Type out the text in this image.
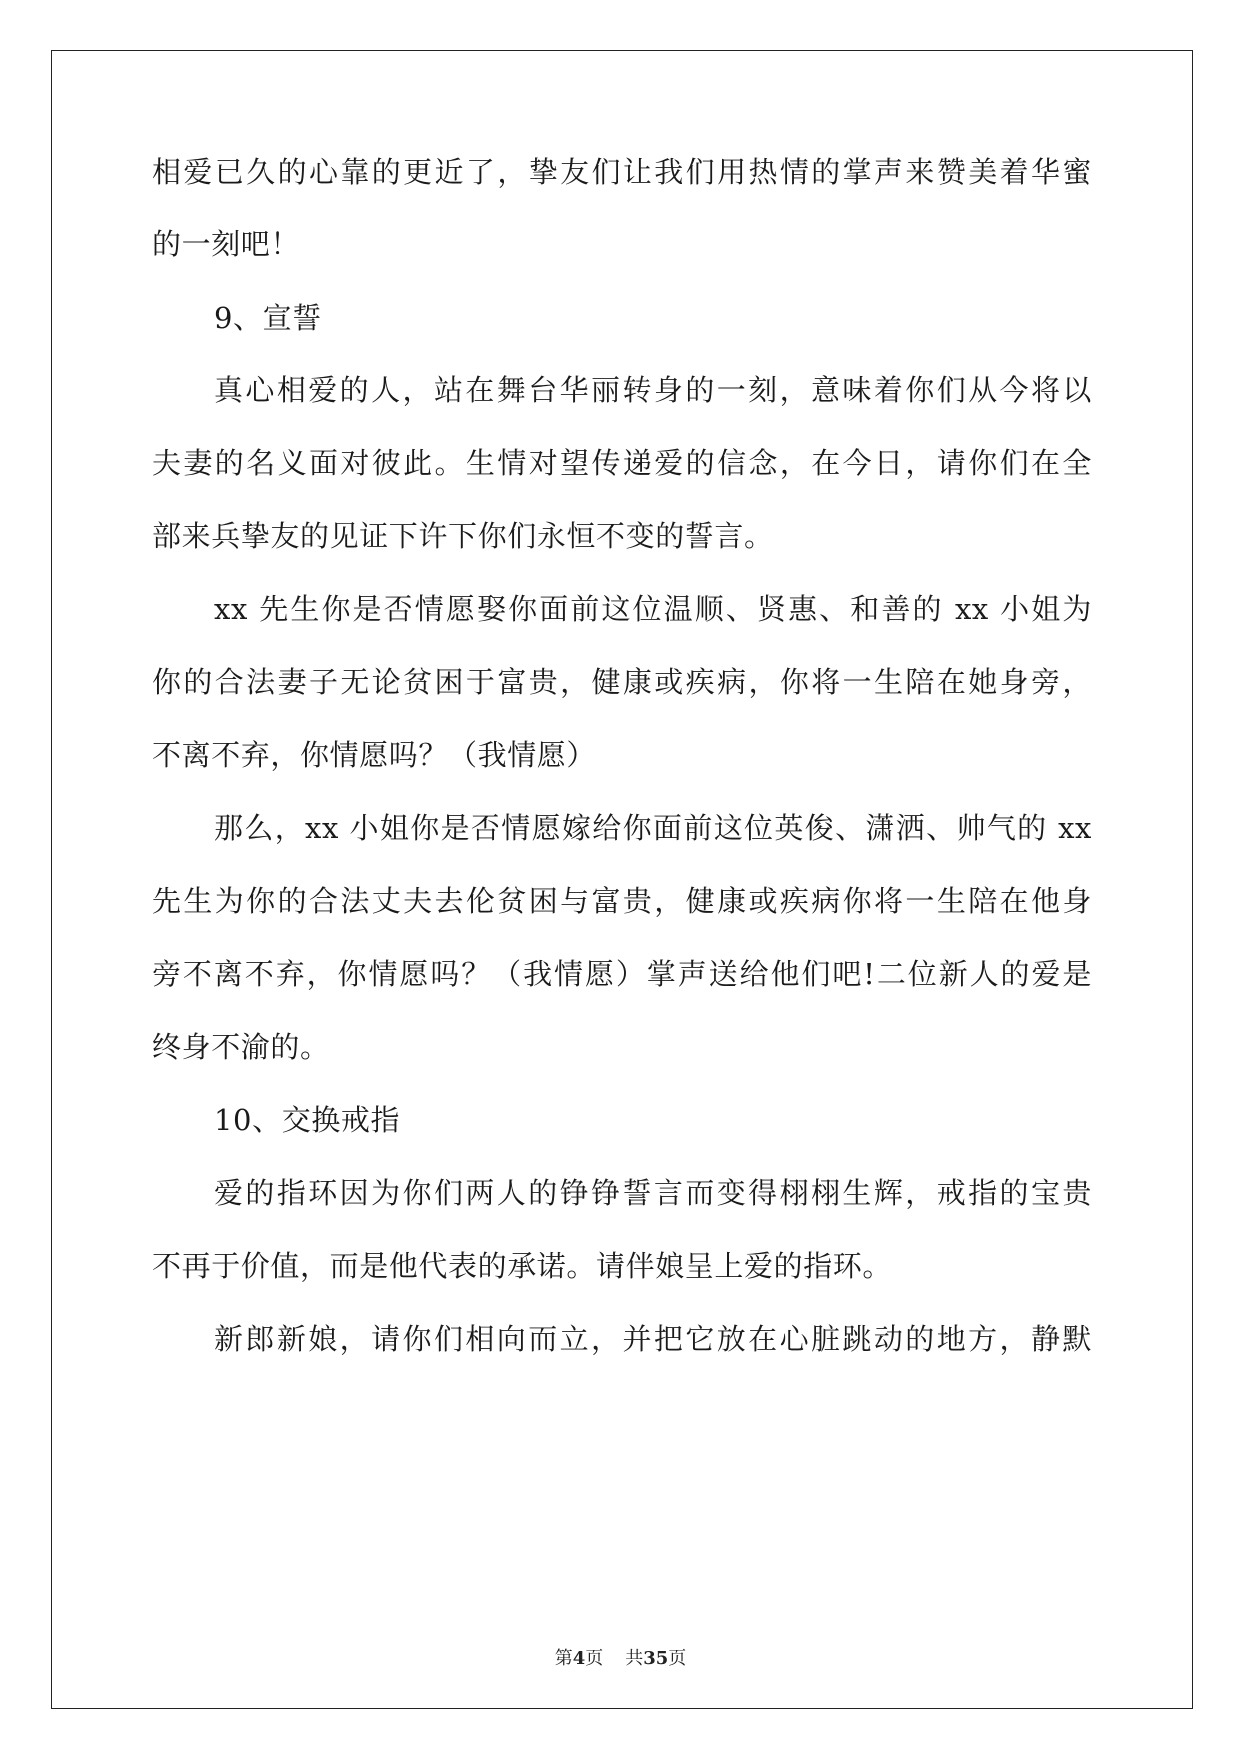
相爱已久的心靠的更近了，挚友们让我们用热情的掌声来赞美着华蜜
的一刻吧！
9、宣誓
真心相爱的人，站在舞台华丽转身的一刻，意味着你们从今将以
夫妻的名义面对彼此。生情对望传递爱的信念，在今日，请你们在全
部来兵挚友的见证下许下你们永恒不变的誓言。
xx 先生你是否情愿娶你面前这位温顺、贤惠、和善的 xx 小姐为
你的合法妻子无论贫困于富贵，健康或疾病，你将一生陪在她身旁，
不离不弃，你情愿吗？（我情愿）
那么，xx 小姐你是否情愿嫁给你面前这位英俊、潇洒、帅气的 xx
先生为你的合法丈夫去伦贫困与富贵，健康或疾病你将一生陪在他身
旁不离不弃，你情愿吗？（我情愿）掌声送给他们吧!二位新人的爱是
终身不渝的。
10、交换戒指
爱的指环因为你们两人的铮铮誓言而变得栩栩生辉，戒指的宝贵
不再于价值，而是他代表的承诺。请伴娘呈上爱的指环。
新郎新娘，请你们相向而立，并把它放在心脏跳动的地方，静默
第4页 共35页
